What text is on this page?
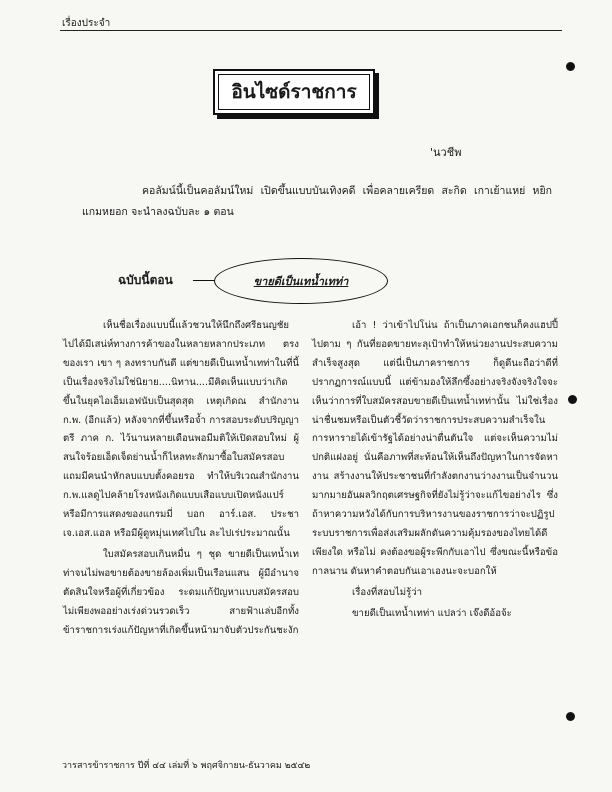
เรื่องประจำ
อินไซด์ราชการ
'นวชีพ
คอลัมน์นี้เป็นคอลัมน์ใหม่ เปิดขึ้นแบบบันเทิงคดี เพื่อคลายเครียด สะกิด เกาเย้าแหย่ หยิกแกมหยอก จะนำลงฉบับละ ๑ ตอน
ฉบับนี้ตอน	ขายดีเป็นเทน้ำเทท่า

เห็นชื่อเรื่องแบบนี้แล้วชวนให้นึกถึงศรีธนญชัยไปได้มีเสน่ห์ทางการค้าของในหลายหลากประเภท ตรงของเรา เขา ๆ ลงทราบกันดี แต่ขายดีเป็นเทน้ำเทท่าในที่นี้เป็นเรื่องจริงไม่ใช่นิยาย....นิทาน....มีคิดเห็นแบบว่าเกิดขึ้นในยุคไอเอ็มเอฟนับเป็นสุดสุด เหตุเกิดณ สำนักงาน ก.พ. (อีกแล้ว) หลังจากที่ขึ้นหรือจ้ำ การสอบระดับปริญญาตรี ภาค ก. ไว้นานหลายเดือนพอมีมติให้เปิดสอบใหม่ ผู้สนใจร้อยเอ็ดเจ็ดย่านน้ำก็ไหลทะลักมาซื้อใบสมัครสอบ แถมมีคนนำหักลบแบบตั้งคอยรอ ทำให้บริเวณสำนักงาน ก.พ.แลดูไปคล้ายโรงหนังเกิดแบบเสือแบบเปิดหนังแปร์ หรือมีการแสดงของแกรมมี่ บอก อาร์.เอส. ประชา เจ.เอส.แอล หรือมีผู้ดูหมุ่นเทศไปใน ละไปเร่ประมาณนั้น

ใบสมัครสอบเกินหมื่น ๆ ชุด ขายดีเป็นเทน้ำเทท่าจนไม่พอขายต้องขายล้องเพิ่มเป็นเรือนแสน ผู้มีอำนาจตัดสินใจหรือผู้ที่เกี่ยวข้อง ระดมแก้ปัญหาแบบสมัครสอบไม่เพียงพออย่างเร่งด่วนรวดเร็ว สายฟ้าแล่บอีกทั้งข้าราชการเร่งแก้ปัญหาที่เกิดขึ้นหน้ามาจับตัวประกันชะงัก

เอ้า ! ว่าเข้าไปโน่น ถ้าเป็นภาคเอกชนก็คงแฮปปี้ไปตาม ๆ กันที่ยอดขายทะลุเป้าทำให้หน่วยงานประสบความสำเร็จสูงสุด แต่นี่เป็นภาคราชการ ก็ดูดีนะถือว่าดีที่ปรากฏการณ์แบบนี้ แต่ข้ามองให้ลึกซึ้งอย่างจริงจังจริงใจจะเห็นว่าการที่ใบสมัครสอบขายดีเป็นเทน้ำเทท่านั้น ไม่ใช่เรื่องน่าชื่นชมหรือเป็นตัวชี้วัดว่าราชการประสบความสำเร็จในการหารายได้เข้ารัฐได้อย่างน่าตื่นตันใจ แต่จะเห็นความไม่ปกติแฝงอยู่ นั่นคือภาพที่สะท้อนให้เห็นถึงปัญหาในการจัดหางาน สร้างงานให้ประชาชนที่กำลังตกงานว่างงานเป็นจำนวนมากมายอันผลวิกฤตเศรษฐกิจที่ยังไม่รู้ว่าจะแก้ไขอย่างไร ซึ่งถ้าหาความหวังได้กับการบริหารงานของราชการว่าจะปฏิรูประบบราชการเพื่อส่งเสริมผลักดันความคุ้มรองของไทยได้ดีเพียงใด หรือไม่ คงต้องขอผู้ระพีกกับเอาไป ซึ่งขณะนี้หรือข้อกาลนาน ดันหาคำตอบกันเอาเองนะจะบอกให้

เรื่องที่สอบไม่รู้ว่า

ขายดีเป็นเทน้ำเทท่า แปลว่า เจ๊งดีอ้อจ้ะ

วารสารข้าราชการ ปีที่ ๔๔ เล่มที่ ๖ พฤศจิกายน-ธันวาคม ๒๕๔๒
